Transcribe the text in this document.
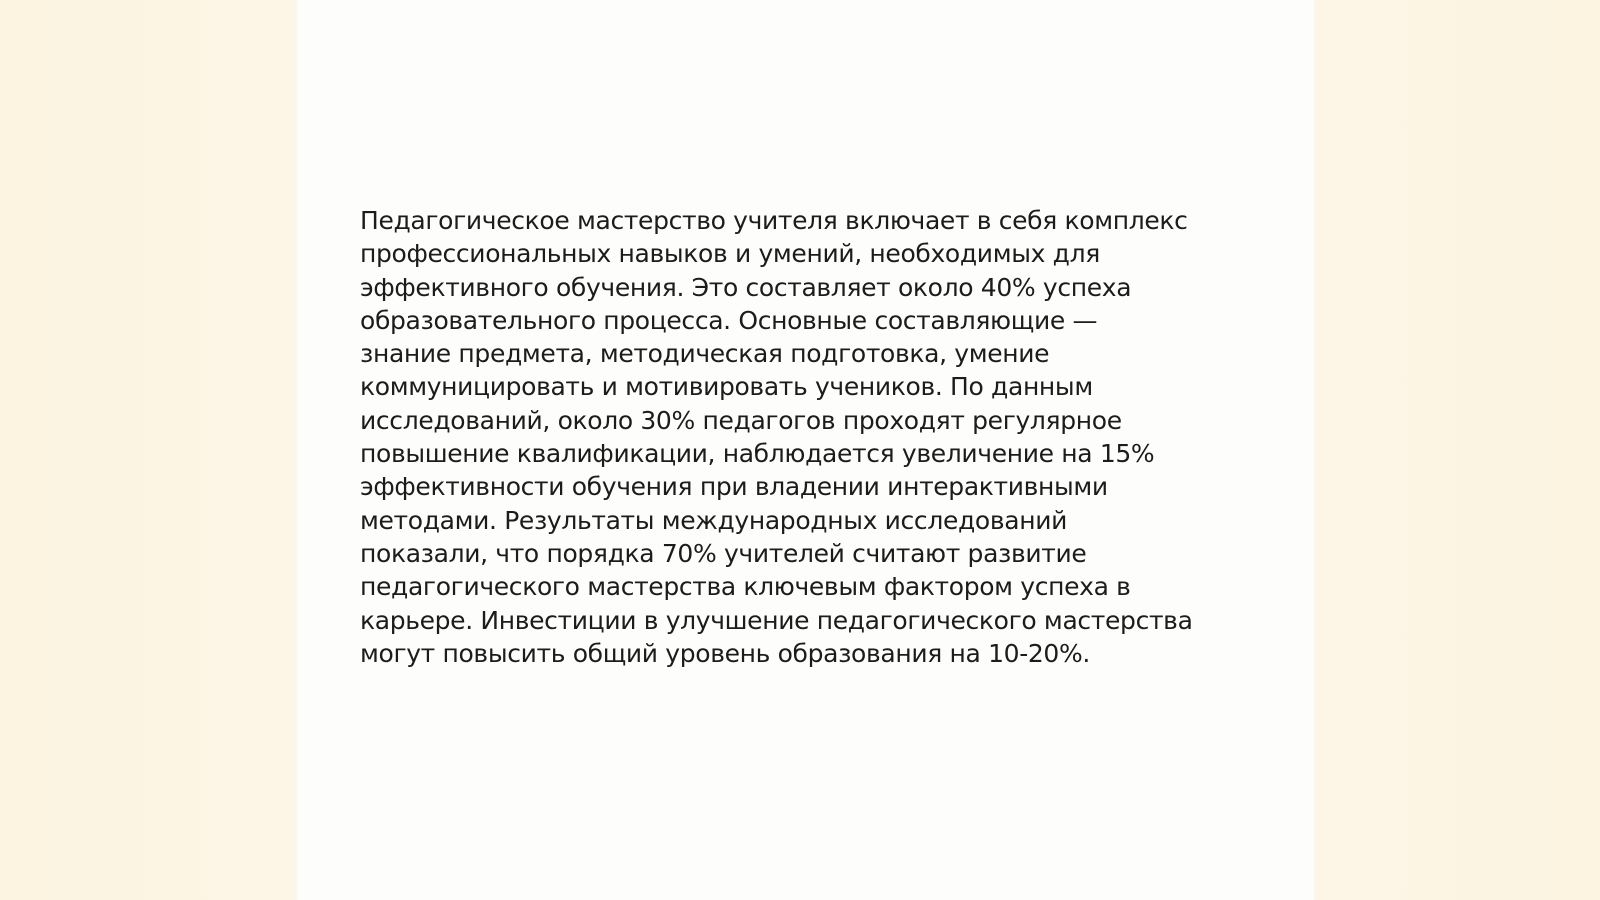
Педагогическое мастерство учителя включает в себя комплекс
профессиональных навыков и умений, необходимых для
эффективного обучения. Это составляет около 40% успеха
образовательного процесса. Основные составляющие —
знание предмета, методическая подготовка, умение
коммуницировать и мотивировать учеников. По данным
исследований, около 30% педагогов проходят регулярное
повышение квалификации, наблюдается увеличение на 15%
эффективности обучения при владении интерактивными
методами. Результаты международных исследований
показали, что порядка 70% учителей считают развитие
педагогического мастерства ключевым фактором успеха в
карьере. Инвестиции в улучшение педагогического мастерства
могут повысить общий уровень образования на 10-20%.
